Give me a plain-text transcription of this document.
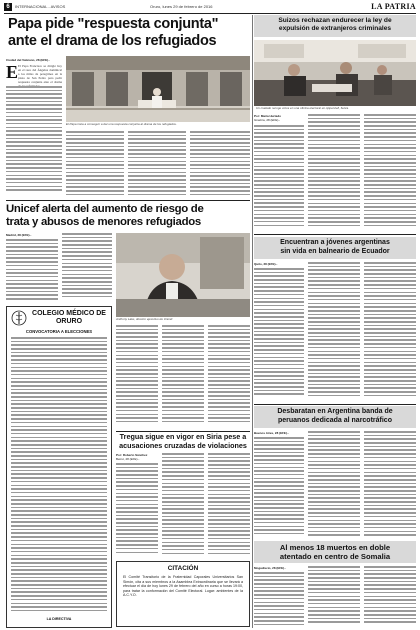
6	INTERNACIONAL - AVISOS	Oruro, lunes 29 de febrero de 2016	LA PATRIA
Papa pide "respuesta conjunta"
ante el drama de los refugiados
Ciudad del Vaticano, 28 (EFE).-
E El Papa Francisco se dirigió hoy en el rezo del Ángelus dominical a los miles de peregrinos en la plaza de San Pedro para pedir respuesta conjunta ante el drama
El Papa insta a conseguir a dar una respuesta conjunta al drama de los refugiados.
Suizos rechazan endurecer la ley de
expulsión de extranjeros criminales
Un ciudado recoge votos en una oficina electoral en Appenzell, Suiza.
Por: María Hurtado
Ginebra, 28 (EFE).-
Unicef alerta del aumento de riesgo de
trata y abusos de menores refugiados
Madrid, 28 (EFE).-
Anthony Lake, director ejecutivo de Unicef.
COLEGIO MÉDICO DE ORURO
CONVOCATORIA A ELECCIONES
LA DIRECTIVA
Tregua sigue en vigor en Siria pese a
acusaciones cruzadas de violaciones
Por: Roberto Sánchez
Beirut, 28 (EFE).-
CITACIÓN
El Comité Transitorio de la Fraternidad Caporales Universitarios San Simón, cita a sus miembros a la Asamblea Extraordinaria que se llevará a efectuar el día de hoy lunes 29 de febrero del año en curso a horas 19:00, para tratar la conformación del Comité Electoral. Lugar: ambientes de la A.C.Y.O.
Encuentran a jóvenes argentinas
sin vida en balneario de Ecuador
Quito, 28 (EFE).-
Desbaratan en Argentina banda de
peruanos dedicada al narcotráfico
Buenos Aires, 28 (EFE).-
Al menos 18 muertos en doble
atentado en centro de Somalia
Mogadiscio, 28 (EFE).-
